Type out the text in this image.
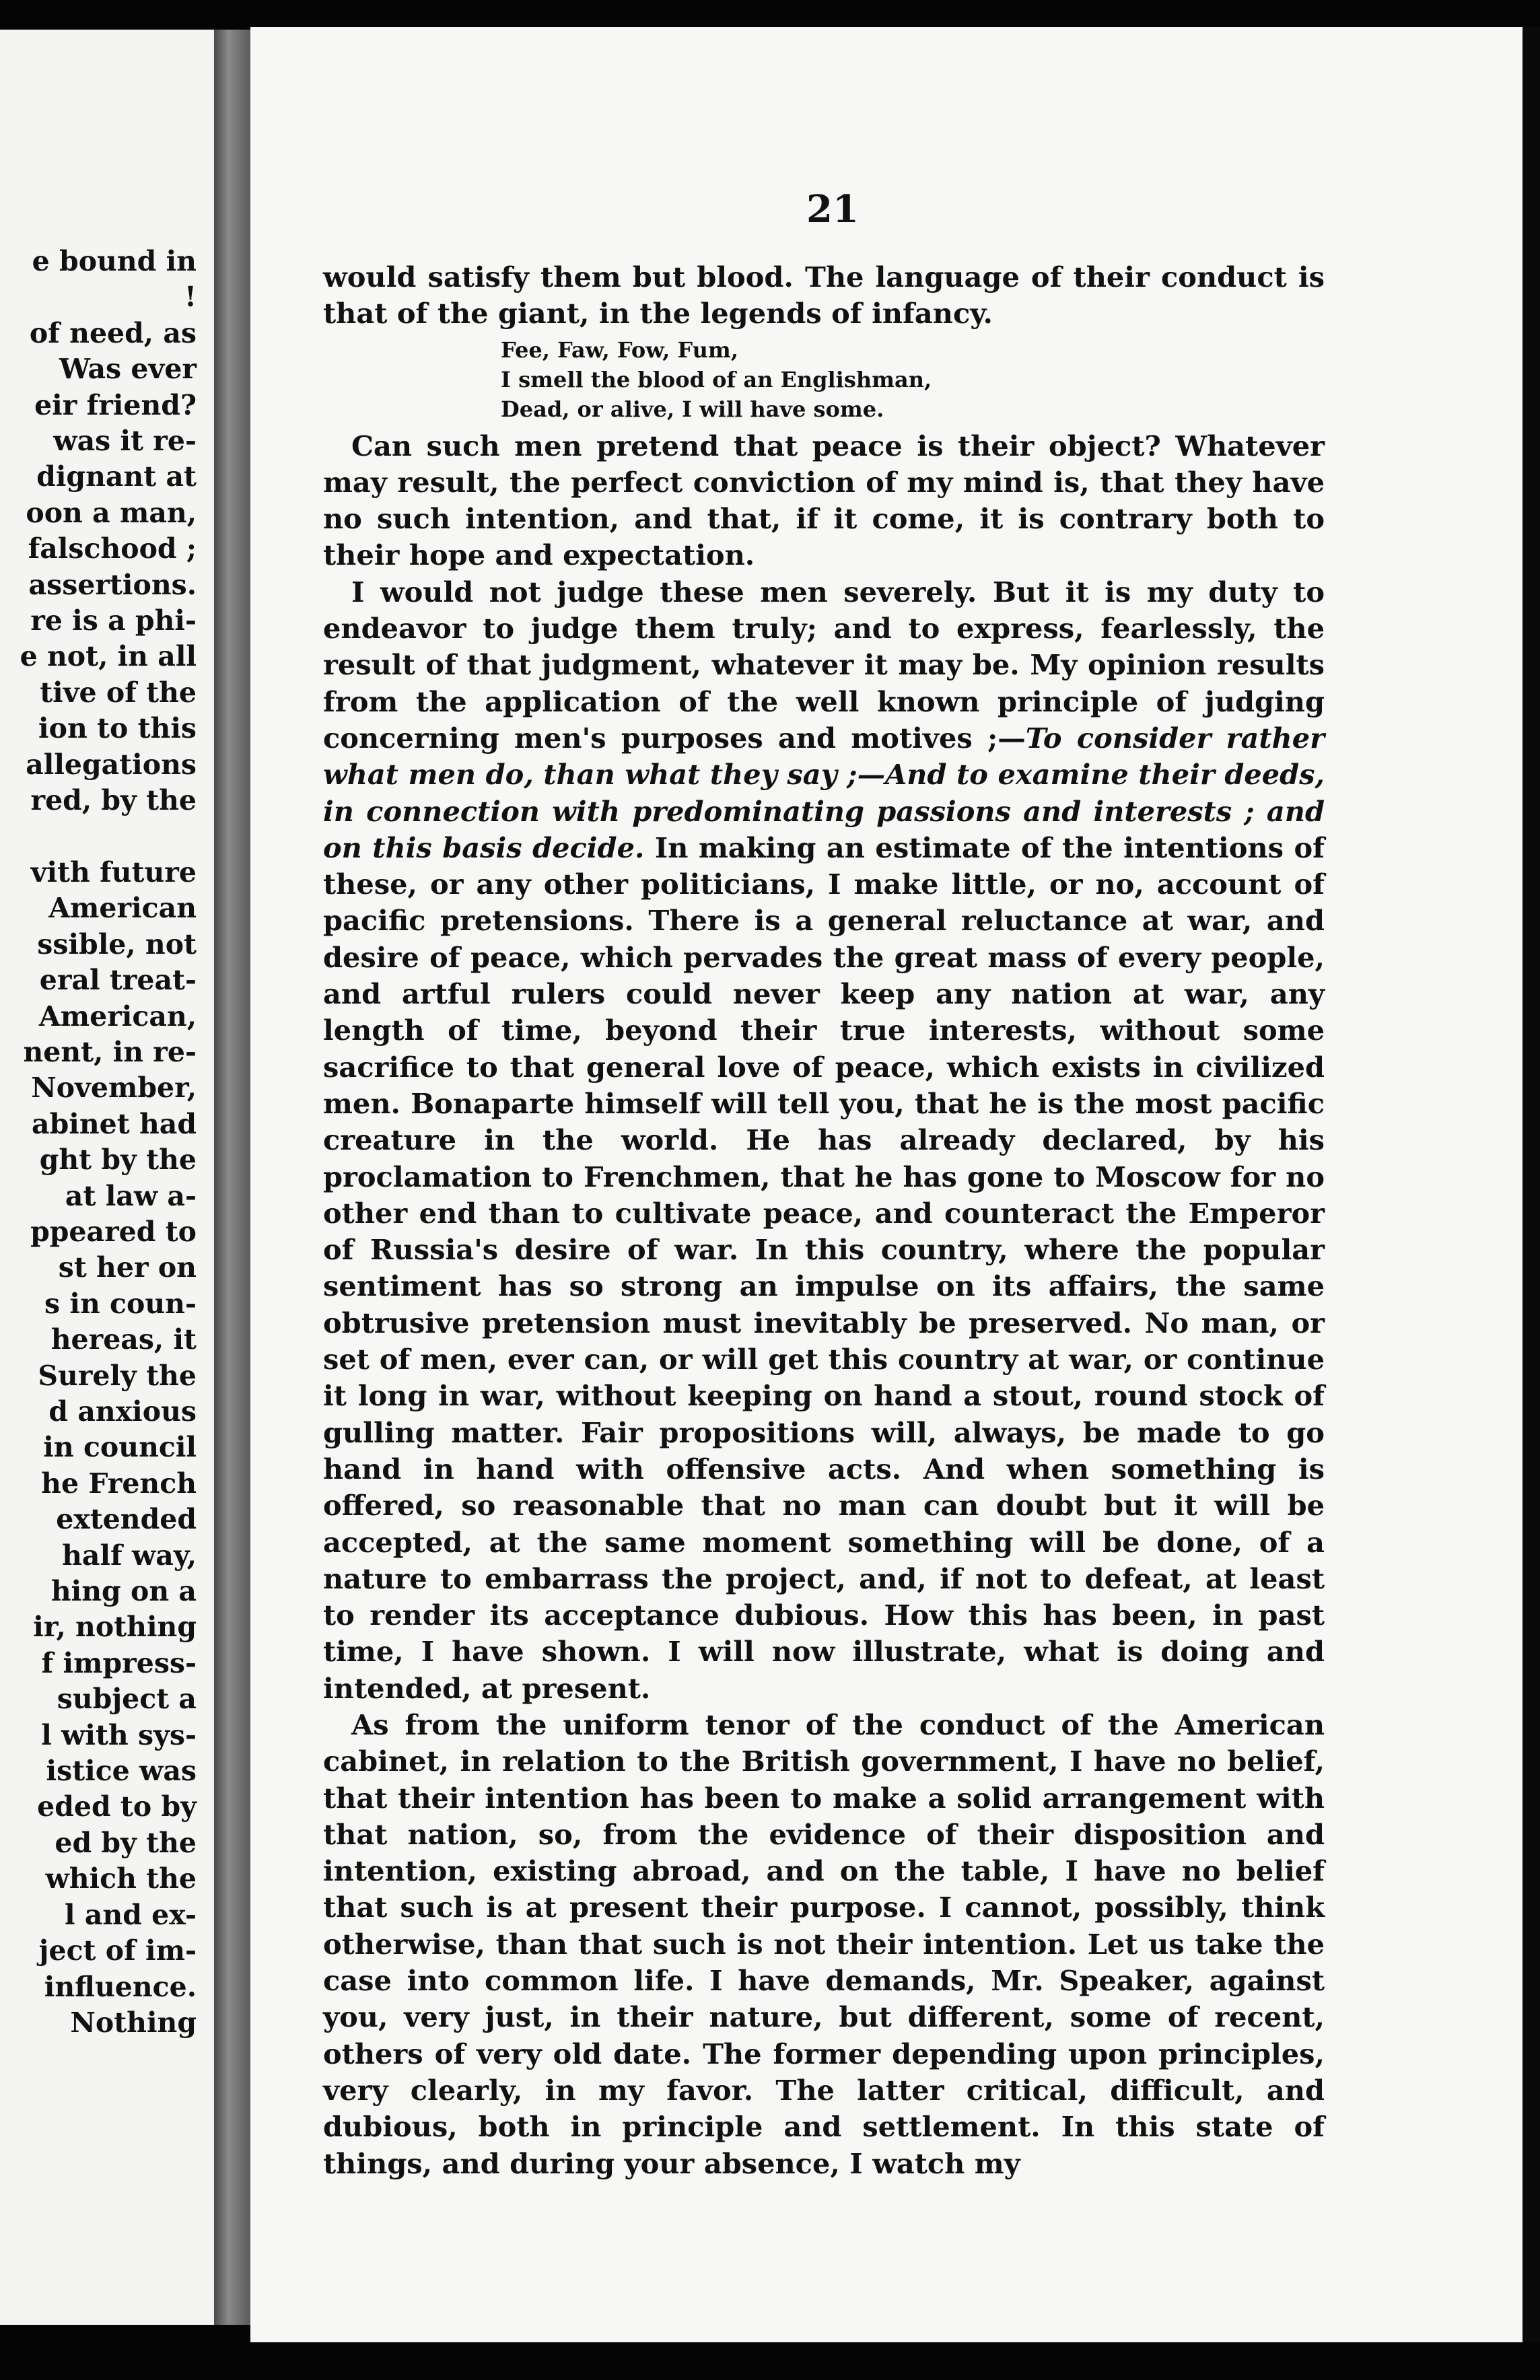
e bound in
!
of need, as
Was ever
eir friend?
was it re-
dignant at
oon a man,
falschood ;
assertions.
re is a phi-
e not, in all
tive of the
ion to this
allegations
red, by the

vith future
American
ssible, not
eral treat-
American,
nent, in re-
November,
abinet had
ght by the
at law a-
ppeared to
st her on
s in coun-
hereas, it
Surely the
d anxious
in council
he French
extended
half way,
hing on a
ir, nothing
f impress-
subject a
l with sys-
istice was
eded to by
ed by the
which the
l and ex-
ject of im-
influence.
Nothing
21

would satisfy them but blood. The language of their conduct is that of the giant, in the legends of infancy.

Fee, Faw, Fow, Fum,
I smell the blood of an Englishman,
Dead, or alive, I will have some.

Can such men pretend that peace is their object? Whatever may result, the perfect conviction of my mind is, that they have no such intention, and that, if it come, it is contrary both to their hope and expectation.

I would not judge these men severely. But it is my duty to endeavor to judge them truly; and to express, fearlessly, the result of that judgment, whatever it may be. My opinion results from the application of the well known principle of judging concerning men's purposes and motives ;—To consider rather what men do, than what they say ;—And to examine their deeds, in connection with predominating passions and interests ; and on this basis decide. In making an estimate of the intentions of these, or any other politicians, I make little, or no, account of pacific pretensions. There is a general reluctance at war, and desire of peace, which pervades the great mass of every people, and artful rulers could never keep any nation at war, any length of time, beyond their true interests, without some sacrifice to that general love of peace, which exists in civilized men. Bonaparte himself will tell you, that he is the most pacific creature in the world. He has already declared, by his proclamation to Frenchmen, that he has gone to Moscow for no other end than to cultivate peace, and counteract the Emperor of Russia's desire of war. In this country, where the popular sentiment has so strong an impulse on its affairs, the same obtrusive pretension must inevitably be preserved. No man, or set of men, ever can, or will get this country at war, or continue it long in war, without keeping on hand a stout, round stock of gulling matter. Fair propositions will, always, be made to go hand in hand with offensive acts. And when something is offered, so reasonable that no man can doubt but it will be accepted, at the same moment something will be done, of a nature to embarrass the project, and, if not to defeat, at least to render its acceptance dubious. How this has been, in past time, I have shown. I will now illustrate, what is doing and intended, at present.

As from the uniform tenor of the conduct of the American cabinet, in relation to the British government, I have no belief, that their intention has been to make a solid arrangement with that nation, so, from the evidence of their disposition and intention, existing abroad, and on the table, I have no belief that such is at present their purpose. I cannot, possibly, think otherwise, than that such is not their intention. Let us take the case into common life. I have demands, Mr. Speaker, against you, very just, in their nature, but different, some of recent, others of very old date. The former depending upon principles, very clearly, in my favor. The latter critical, difficult, and dubious, both in principle and settlement. In this state of things, and during your absence, I watch my
